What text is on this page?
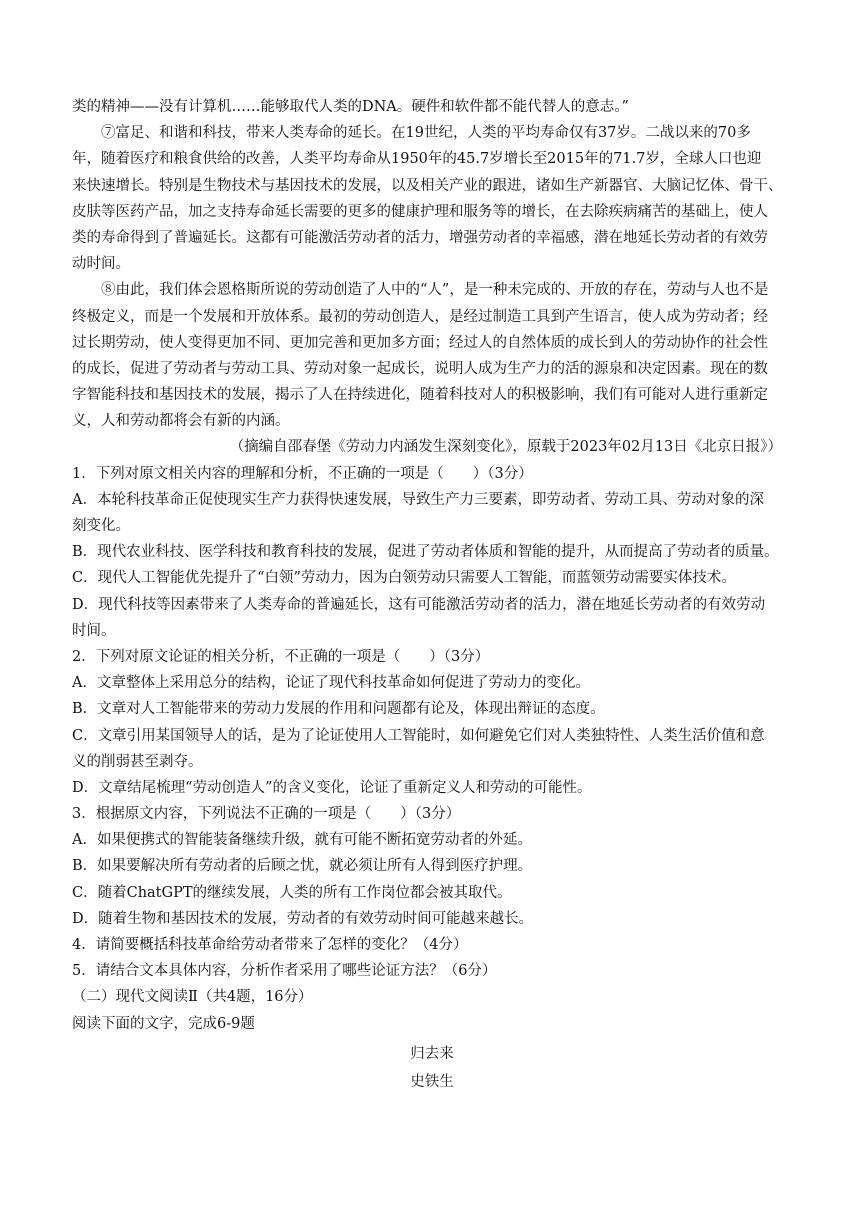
类的精神——没有计算机……能够取代人类的DNA。硬件和软件都不能代替人的意志。”
⑦富足、和谐和科技，带来人类寿命的延长。在19世纪，人类的平均寿命仅有37岁。二战以来的70多
年，随着医疗和粮食供给的改善，人类平均寿命从1950年的45.7岁增长至2015年的71.7岁，全球人口也迎
来快速增长。特别是生物技术与基因技术的发展，以及相关产业的跟进，诸如生产新器官、大脑记忆体、骨干、
皮肤等医药产品，加之支持寿命延长需要的更多的健康护理和服务等的增长，在去除疾病痛苦的基础上，使人
类的寿命得到了普遍延长。这都有可能激活劳动者的活力，增强劳动者的幸福感，潜在地延长劳动者的有效劳
动时间。
⑧由此，我们体会恩格斯所说的劳动创造了人中的“人”，是一种未完成的、开放的存在，劳动与人也不是
终极定义，而是一个发展和开放体系。最初的劳动创造人，是经过制造工具到产生语言，使人成为劳动者；经
过长期劳动，使人变得更加不同、更加完善和更加多方面；经过人的自然体质的成长到人的劳动协作的社会性
的成长，促进了劳动者与劳动工具、劳动对象一起成长，说明人成为生产力的活的源泉和决定因素。现在的数
字智能科技和基因技术的发展，揭示了人在持续进化，随着科技对人的积极影响，我们有可能对人进行重新定
义，人和劳动都将会有新的内涵。
（摘编自邵春堡《劳动力内涵发生深刻变化》，原载于2023年02月13日《北京日报》）
1．下列对原文相关内容的理解和分析，不正确的一项是（　　）（3分）
A．本轮科技革命正促使现实生产力获得快速发展，导致生产力三要素，即劳动者、劳动工具、劳动对象的深
刻变化。
B．现代农业科技、医学科技和教育科技的发展，促进了劳动者体质和智能的提升，从而提高了劳动者的质量。
C．现代人工智能优先提升了“白领”劳动力，因为白领劳动只需要人工智能，而蓝领劳动需要实体技术。
D．现代科技等因素带来了人类寿命的普遍延长，这有可能激活劳动者的活力，潜在地延长劳动者的有效劳动
时间。
2．下列对原文论证的相关分析，不正确的一项是（　　）（3分）
A．文章整体上采用总分的结构，论证了现代科技革命如何促进了劳动力的变化。
B．文章对人工智能带来的劳动力发展的作用和问题都有论及，体现出辩证的态度。
C．文章引用某国领导人的话，是为了论证使用人工智能时，如何避免它们对人类独特性、人类生活价值和意
义的削弱甚至剥夺。
D．文章结尾梳理“劳动创造人”的含义变化，论证了重新定义人和劳动的可能性。
3．根据原文内容，下列说法不正确的一项是（　　）（3分）
A．如果便携式的智能装备继续升级，就有可能不断拓宽劳动者的外延。
B．如果要解决所有劳动者的后顾之忧，就必须让所有人得到医疗护理。
C．随着ChatGPT的继续发展，人类的所有工作岗位都会被其取代。
D．随着生物和基因技术的发展，劳动者的有效劳动时间可能越来越长。
4．请简要概括科技革命给劳动者带来了怎样的变化？（4分）
5．请结合文本具体内容，分析作者采用了哪些论证方法？（6分）
（二）现代文阅读Ⅱ（共4题，16分）
阅读下面的文字，完成6-9题
归去来
史铁生
